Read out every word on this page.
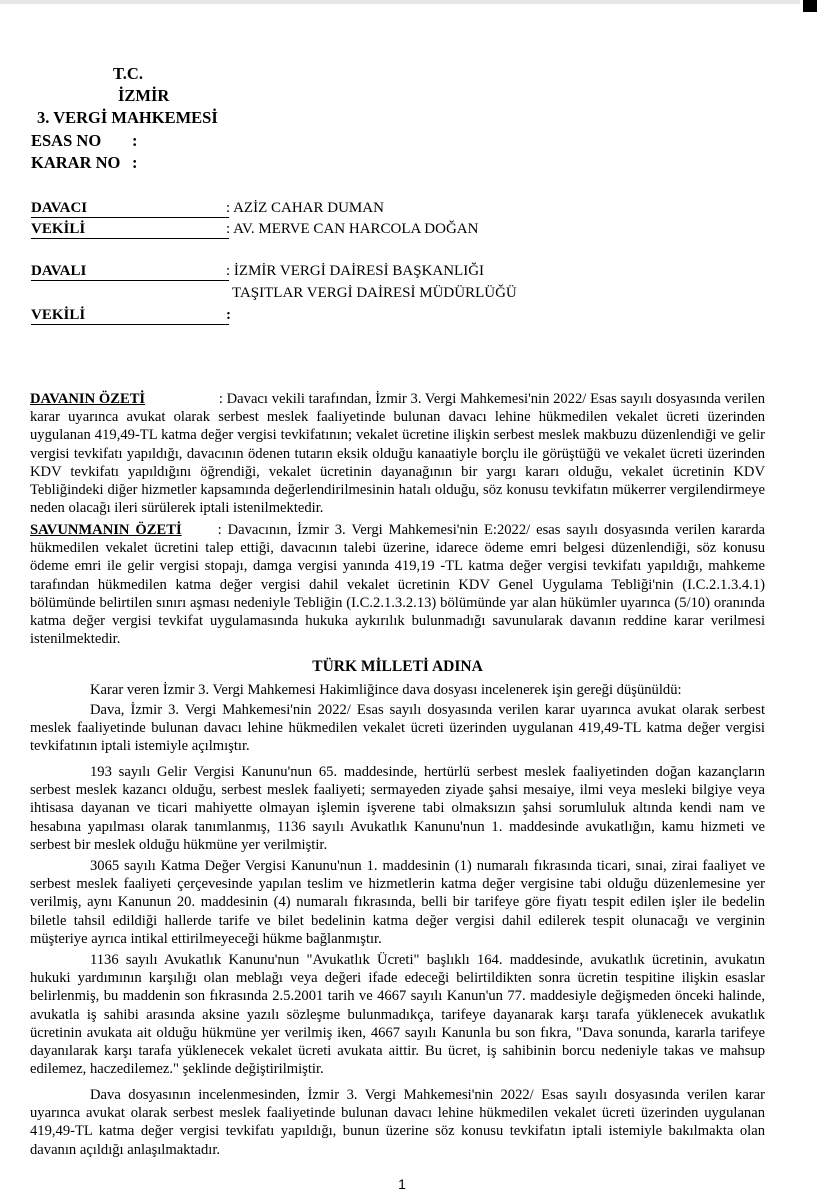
T.C.
İZMİR
3. VERGİ MAHKEMESİ
ESAS NO :
KARAR NO :
DAVACI	: AZİZ CAHAR DUMAN
VEKİLİ	: AV. MERVE CAN HARCOLA DOĞAN
DAVALI	: İZMİR VERGİ DAİRESİ BAŞKANLIĞI
TAŞITLAR VERGİ DAİRESİ MÜDÜRLÜĞÜ
VEKİLİ	:
DAVANIN ÖZETİ	: Davacı vekili tarafından, İzmir 3. Vergi Mahkemesi'nin 2022/ Esas sayılı dosyasında verilen karar uyarınca avukat olarak serbest meslek faaliyetinde bulunan davacı lehine hükmedilen vekalet ücreti üzerinden uygulanan 419,49-TL katma değer vergisi tevkifatının; vekalet ücretine ilişkin serbest meslek makbuzu düzenlendiği ve gelir vergisi tevkifatı yapıldığı, davacının ödenen tutarın eksik olduğu kanaatiyle borçlu ile görüştüğü ve vekalet ücreti üzerinden KDV tevkifatı yapıldığını öğrendiği, vekalet ücretinin dayanağının bir yargı kararı olduğu, vekalet ücretinin KDV Tebliğindeki diğer hizmetler kapsamında değerlendirilmesinin hatalı olduğu, söz konusu tevkifatın mükerrer vergilendirmeye neden olacağı ileri sürülerek iptali istenilmektedir.
SAVUNMANIN ÖZETİ : Davacının, İzmir 3. Vergi Mahkemesi'nin E:2022/ esas sayılı dosyasında verilen kararda hükmedilen vekalet ücretini talep ettiği, davacının talebi üzerine, idarece ödeme emri belgesi düzenlendiği, söz konusu ödeme emri ile gelir vergisi stopajı, damga vergisi yanında 419,19 -TL katma değer vergisi tevkifatı yapıldığı, mahkeme tarafından hükmedilen katma değer vergisi dahil vekalet ücretinin KDV Genel Uygulama Tebliği'nin (I.C.2.1.3.4.1) bölümünde belirtilen sınırı aşması nedeniyle Tebliğin (I.C.2.1.3.2.13) bölümünde yar alan hükümler uyarınca (5/10) oranında katma değer vergisi tevkifat uygulamasında hukuka aykırılık bulunmadığı savunularak davanın reddine karar verilmesi istenilmektedir.
TÜRK MİLLETİ ADINA
Karar veren İzmir 3. Vergi Mahkemesi Hakimliğince dava dosyası incelenerek işin gereği düşünüldü:
Dava, İzmir 3. Vergi Mahkemesi'nin 2022/ Esas sayılı dosyasında verilen karar uyarınca avukat olarak serbest meslek faaliyetinde bulunan davacı lehine hükmedilen vekalet ücreti üzerinden uygulanan 419,49-TL katma değer vergisi tevkifatının iptali istemiyle açılmıştır.
193 sayılı Gelir Vergisi Kanunu'nun 65. maddesinde, hertürlü serbest meslek faaliyetinden doğan kazançların serbest meslek kazancı olduğu, serbest meslek faaliyeti; sermayeden ziyade şahsi mesaiye, ilmi veya mesleki bilgiye veya ihtisasa dayanan ve ticari mahiyette olmayan işlemin işverene tabi olmaksızın şahsi sorumluluk altında kendi nam ve hesabına yapılması olarak tanımlanmış, 1136 sayılı Avukatlık Kanunu'nun 1. maddesinde avukatlığın, kamu hizmeti ve serbest bir meslek olduğu hükmüne yer verilmiştir.
3065 sayılı Katma Değer Vergisi Kanunu'nun 1. maddesinin (1) numaralı fıkrasında ticari, sınai, zirai faaliyet ve serbest meslek faaliyeti çerçevesinde yapılan teslim ve hizmetlerin katma değer vergisine tabi olduğu düzenlemesine yer verilmiş, aynı Kanunun 20. maddesinin (4) numaralı fıkrasında, belli bir tarifeye göre fiyatı tespit edilen işler ile bedelin biletle tahsil edildiği hallerde tarife ve bilet bedelinin katma değer vergisi dahil edilerek tespit olunacağı ve verginin müşteriye ayrıca intikal ettirilmeyeceği hükme bağlanmıştır.
1136 sayılı Avukatlık Kanunu'nun "Avukatlık Ücreti" başlıklı 164. maddesinde, avukatlık ücretinin, avukatın hukuki yardımının karşılığı olan meblağı veya değeri ifade edeceği belirtildikten sonra ücretin tespitine ilişkin esaslar belirlenmiş, bu maddenin son fıkrasında 2.5.2001 tarih ve 4667 sayılı Kanun'un 77. maddesiyle değişmeden önceki halinde, avukatla iş sahibi arasında aksine yazılı sözleşme bulunmadıkça, tarifeye dayanarak karşı tarafa yüklenecek avukatlık ücretinin avukata ait olduğu hükmüne yer verilmiş iken, 4667 sayılı Kanunla bu son fıkra, "Dava sonunda, kararla tarifeye dayanılarak karşı tarafa yüklenecek vekalet ücreti avukata aittir. Bu ücret, iş sahibinin borcu nedeniyle takas ve mahsup edilemez, haczedilemez." şeklinde değiştirilmiştir.
Dava dosyasının incelenmesinden, İzmir 3. Vergi Mahkemesi'nin 2022/ Esas sayılı dosyasında verilen karar uyarınca avukat olarak serbest meslek faaliyetinde bulunan davacı lehine hükmedilen vekalet ücreti üzerinden uygulanan 419,49-TL katma değer vergisi tevkifatı yapıldığı, bunun üzerine söz konusu tevkifatın iptali istemiyle bakılmakta olan davanın açıldığı anlaşılmaktadır.
1
